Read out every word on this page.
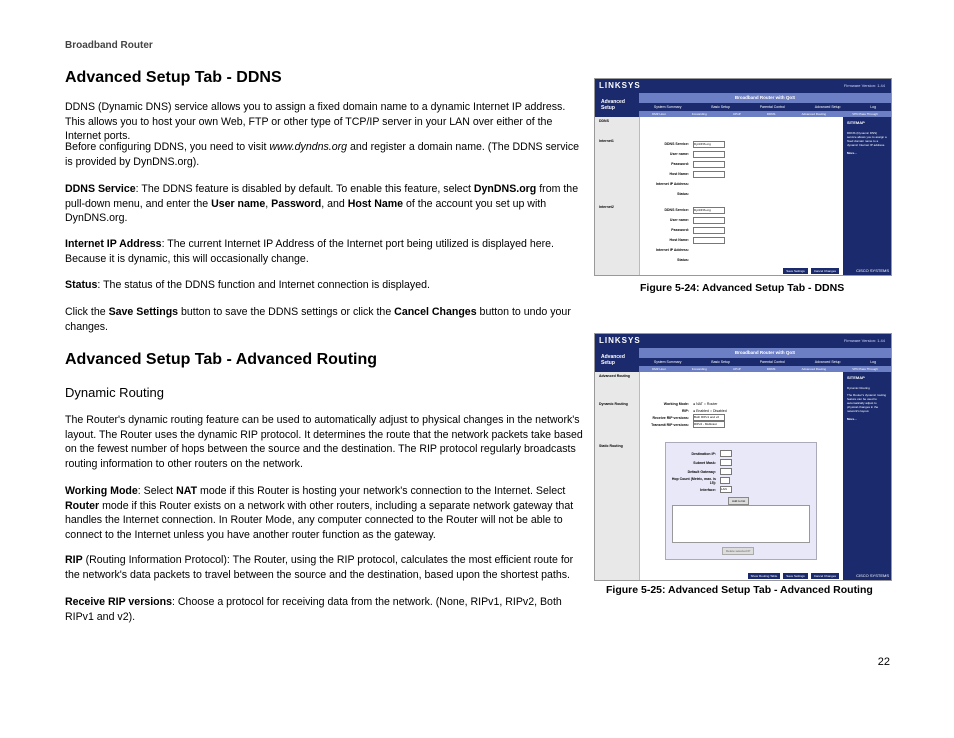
Broadband Router
Advanced Setup Tab - DDNS
DDNS (Dynamic DNS) service allows you to assign a fixed domain name to a dynamic Internet IP address. This allows you to host your own Web, FTP or other type of TCP/IP server in your LAN over either of the Internet ports.
Before configuring DDNS, you need to visit www.dyndns.org and register a domain name. (The DDNS service is provided by DynDNS.org).
DDNS Service: The DDNS feature is disabled by default. To enable this feature, select DynDNS.org from the pull-down menu, and enter the User name, Password, and Host Name of the account you set up with DynDNS.org.
Internet IP Address: The current Internet IP Address of the Internet port being utilized is displayed here. Because it is dynamic, this will occasionally change.
Status: The status of the DDNS function and Internet connection is displayed.
Click the Save Settings button to save the DDNS settings or click the Cancel Changes button to undo your changes.
Advanced Setup Tab - Advanced Routing
Dynamic Routing
The Router's dynamic routing feature can be used to automatically adjust to physical changes in the network's layout. The Router uses the dynamic RIP protocol. It determines the route that the network packets take based on the fewest number of hops between the source and the destination. The RIP protocol regularly broadcasts routing information to other routers on the network.
Working Mode: Select NAT mode if this Router is hosting your network's connection to the Internet. Select Router mode if this Router exists on a network with other routers, including a separate network gateway that handles the Internet connection. In Router Mode, any computer connected to the Router will not be able to connect to the Internet unless you have another router function as the gateway.
RIP (Routing Information Protocol): The Router, using the RIP protocol, calculates the most efficient route for the network's data packets to travel between the source and the destination, based upon the shortest paths.
Receive RIP versions: Choose a protocol for receiving data from the network. (None, RIPv1, RIPv2, Both RIPv1 and v2).
22
LINKSYS	Firmware Version: 1.44
Advanced Setup
Broadband Router with QoS
System Summary	Basic Setup	Parental Control	Advanced Setup	Log
DMZ Host	Forwarding	UPnP	DDNS	Advanced Routing	VPN Pass Through
DDNS
Internet1
Internet2
DDNS Service:	DynDNS.org
User name:
Password:
Host Name:
Internet IP Address:
Status:
DDNS Service:	DynDNS.org
User name:
Password:
Host Name:
Internet IP Address:
Status:
SITEMAP
DDNS (Dynamic DNS) service allows you to assign a fixed domain name to a dynamic Internet IP address.
More...
CISCO SYSTEMS
Save Settings	Cancel Changes
Figure 5-24: Advanced Setup Tab - DDNS
LINKSYS	Firmware Version: 1.44
Advanced Setup
Broadband Router with QoS
System Summary	Basic Setup	Parental Control	Advanced Setup	Log
DMZ Host	Forwarding	UPnP	DDNS	Advanced Routing	VPN Pass Through
Advanced Routing
Dynamic Routing
Static Routing
Working Mode:	● NAT
○ Router
RIP:	● Enabled
○ Disabled
Receive RIP versions:	Both RIPv1 and v2
Transmit RIP versions:	RIPv2 - Multicast
Destination IP:
Subnet Mask:
Default Gateway:
Hop Count (Metric, max. is 15):
Interface:	LAN
Add to list
Delete selected IP
SITEMAP
Dynamic Routing
The Router's dynamic routing feature can be used to automatically adjust to physical changes in the network's layout.
More...
CISCO SYSTEMS
Show Routing Table	Save Settings	Cancel Changes
Figure 5-25: Advanced Setup Tab - Advanced Routing
